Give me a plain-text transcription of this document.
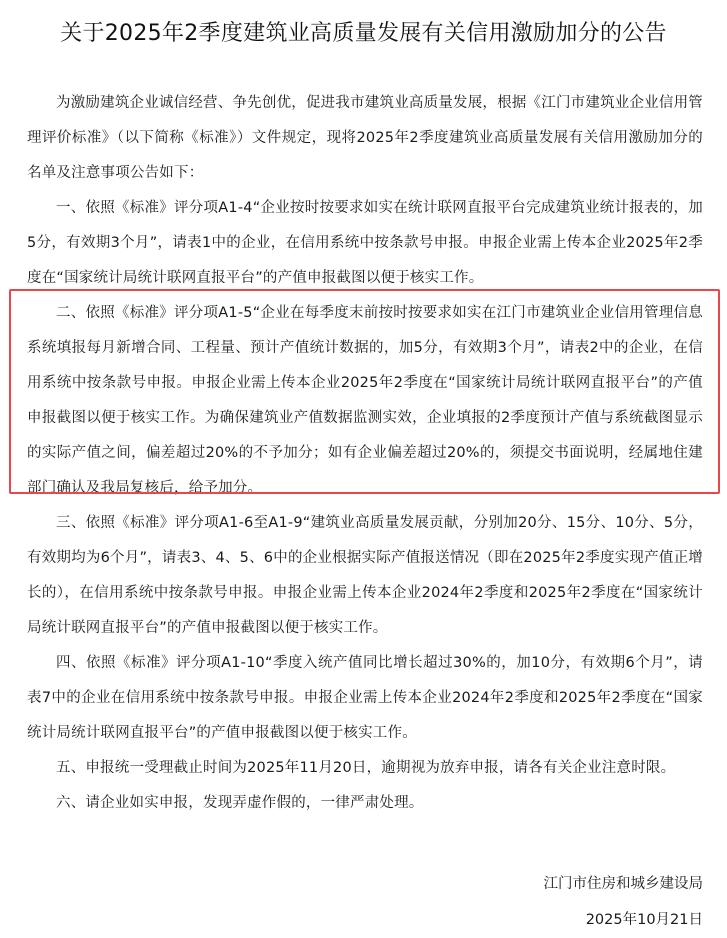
关于2025年2季度建筑业高质量发展有关信用激励加分的公告

为激励建筑企业诚信经营、争先创优，促进我市建筑业高质量发展，根据《江门市建筑业企业信用管理评价标准》（以下简称《标准》）文件规定，现将2025年2季度建筑业高质量发展有关信用激励加分的名单及注意事项公告如下：

一、依照《标准》评分项A1-4“企业按时按要求如实在统计联网直报平台完成建筑业统计报表的，加5分，有效期3个月”，请表1中的企业，在信用系统中按条款号申报。申报企业需上传本企业2025年2季度在“国家统计局统计联网直报平台”的产值申报截图以便于核实工作。

二、依照《标准》评分项A1-5“企业在每季度末前按时按要求如实在江门市建筑业企业信用管理信息系统填报每月新增合同、工程量、预计产值统计数据的，加5分，有效期3个月”，请表2中的企业，在信用系统中按条款号申报。申报企业需上传本企业2025年2季度在“国家统计局统计联网直报平台”的产值申报截图以便于核实工作。为确保建筑业产值数据监测实效，企业填报的2季度预计产值与系统截图显示的实际产值之间，偏差超过20%的不予加分；如有企业偏差超过20%的，须提交书面说明，经属地住建部门确认及我局复核后，给予加分。

三、依照《标准》评分项A1-6至A1-9“建筑业高质量发展贡献，分别加20分、15分、10分、5分，有效期均为6个月”，请表3、4、5、6中的企业根据实际产值报送情况（即在2025年2季度实现产值正增长的），在信用系统中按条款号申报。申报企业需上传本企业2024年2季度和2025年2季度在“国家统计局统计联网直报平台”的产值申报截图以便于核实工作。

四、依照《标准》评分项A1-10“季度入统产值同比增长超过30%的，加10分，有效期6个月”，请表7中的企业在信用系统中按条款号申报。申报企业需上传本企业2024年2季度和2025年2季度在“国家统计局统计联网直报平台”的产值申报截图以便于核实工作。

五、申报统一受理截止时间为2025年11月20日，逾期视为放弃申报，请各有关企业注意时限。

六、请企业如实申报，发现弄虚作假的，一律严肃处理。

江门市住房和城乡建设局
2025年10月21日
